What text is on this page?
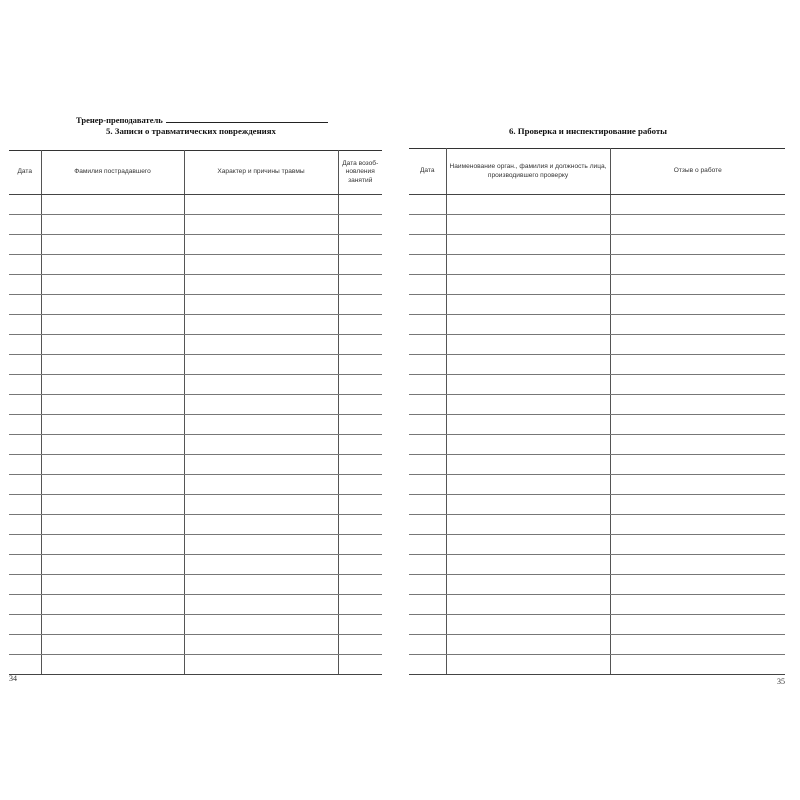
Тренер-преподаватель
5. Записи о травматических повреждениях
Дата	Фамилия пострадавшего	Характер и причины травмы	Дата возоб-новления занятий

34
6. Проверка и инспектирование работы
Дата	Наименование орган., фамилия и должность лица, производившего проверку	Отзыв о работе

35
